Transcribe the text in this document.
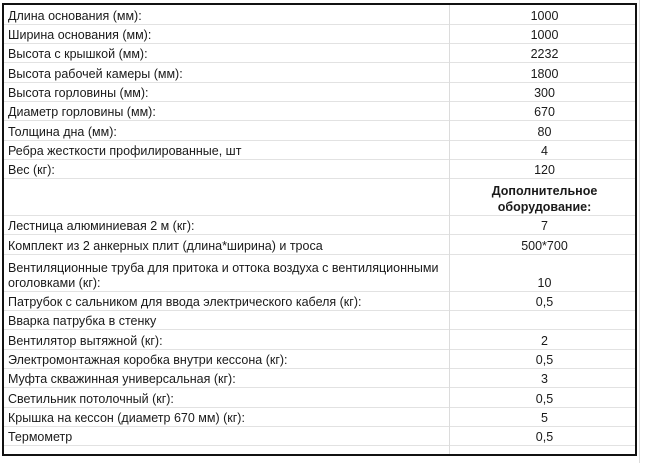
Длина основания (мм):	1000
Ширина основания (мм):	1000
Высота с крышкой (мм):	2232
Высота рабочей камеры (мм):	1800
Высота горловины (мм):	300
Диаметр горловины (мм):	670
Толщина дна (мм):	80
Ребра жесткости профилированные, шт	4
Вес (кг):	120
	Дополнительное оборудование:
Лестница алюминиевая 2 м (кг):	7
Комплект из 2 анкерных плит (длина*ширина) и троса	500*700
Вентиляционные труба для притока и оттока воздуха с вентиляционными оголовками (кг):	10
Патрубок с сальником для ввода электрического кабеля (кг):	0,5
Вварка патрубка в стенку	
Вентилятор вытяжной (кг):	2
Электромонтажная коробка внутри кессона (кг):	0,5
Муфта скважинная универсальная (кг):	3
Светильник потолочный (кг):	0,5
Крышка на кессон (диаметр 670 мм) (кг):	5
Термометр	0,5
